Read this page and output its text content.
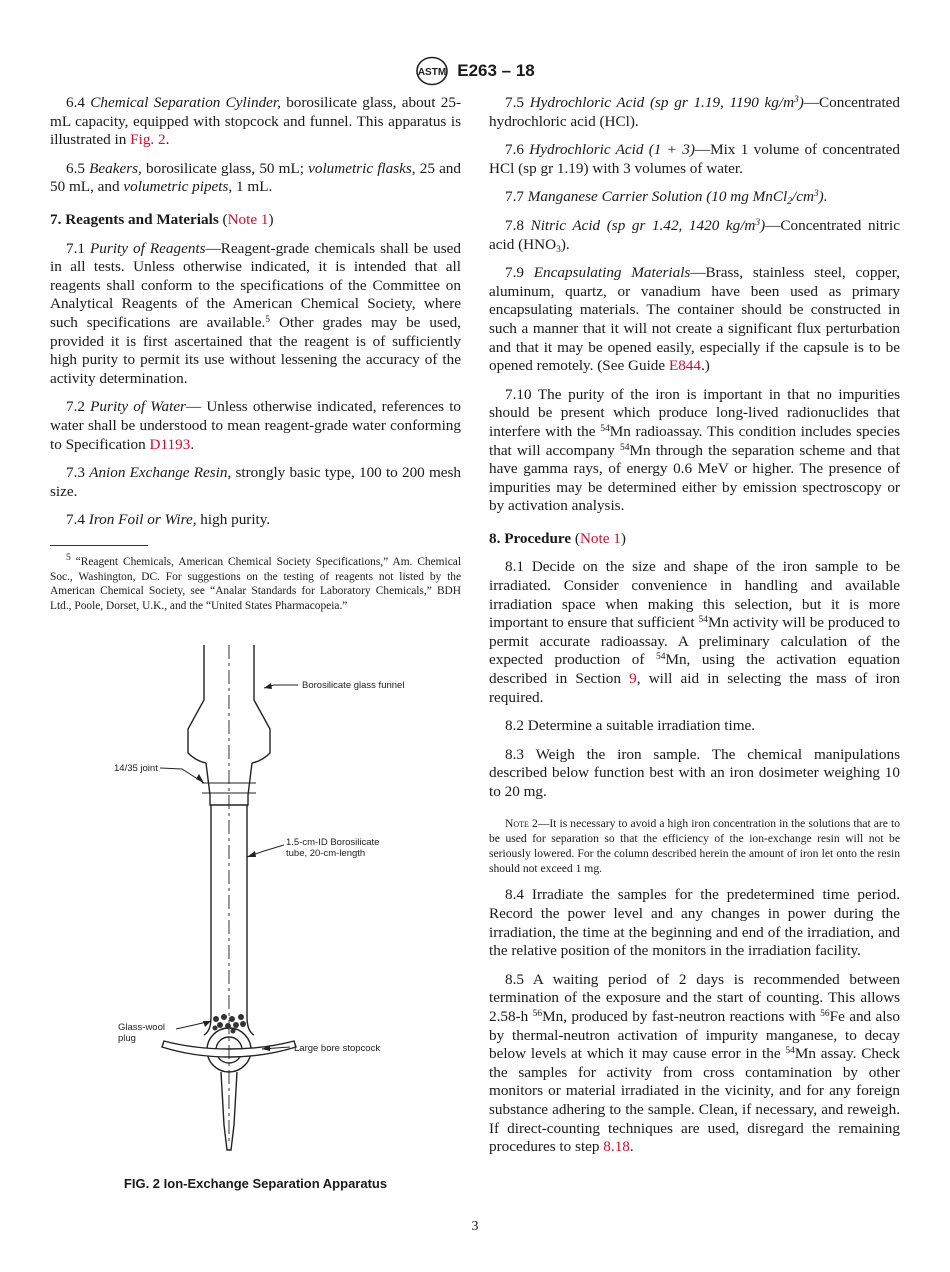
ASTM E263 – 18

6.4 Chemical Separation Cylinder, borosilicate glass, about 25-mL capacity, equipped with stopcock and funnel. This apparatus is illustrated in Fig. 2.

6.5 Beakers, borosilicate glass, 50 mL; volumetric flasks, 25 and 50 mL, and volumetric pipets, 1 mL.

7. Reagents and Materials (Note 1)

7.1 Purity of Reagents—Reagent-grade chemicals shall be used in all tests. Unless otherwise indicated, it is intended that all reagents shall conform to the specifications of the Committee on Analytical Reagents of the American Chemical Society, where such specifications are available.$^5$ Other grades may be used, provided it is first ascertained that the reagent is of sufficiently high purity to permit its use without lessening the accuracy of the activity determination.

7.2 Purity of Water— Unless otherwise indicated, references to water shall be understood to mean reagent-grade water conforming to Specification D1193.

7.3 Anion Exchange Resin, strongly basic type, 100 to 200 mesh size.

7.4 Iron Foil or Wire, high purity.

$^5$ “Reagent Chemicals, American Chemical Society Specifications,” Am. Chemical Soc., Washington, DC. For suggestions on the testing of reagents not listed by the American Chemical Society, see “Analar Standards for Laboratory Chemicals,” BDH Ltd., Poole, Dorset, U.K., and the “United States Pharmacopeia.”
Borosilicate glass funnel
14/35 joint
1.5-cm-ID Borosilicate
tube, 20-cm-length
Glass-wool
plug
Large bore stopcock
FIG. 2 Ion-Exchange Separation Apparatus

7.5 Hydrochloric Acid (sp gr 1.19, 1190 $kg/m^3)—Concentrated$ hydrochloric acid (HCl).

7.6 Hydrochloric Acid (1 + 3)—Mix 1 volume of concentrated HCl (sp gr 1.19) with 3 volumes of water.

7.7 Manganese Carrier Solution (10 mg $MnCl_2/cm^3$).

7.8 Nitric Acid (sp gr 1.42, 1420 $kg/m^3)—Concentrated$ nitric acid $(HNO_3)$.

7.9 Encapsulating Materials—Brass, stainless steel, copper, aluminum, quartz, or vanadium have been used as primary encapsulating materials. The container should be constructed in such a manner that it will not create a significant flux perturbation and that it may be opened easily, especially if the capsule is to be opened remotely. (See Guide E844.)

7.10 The purity of the iron is important in that no impurities should be present which produce long-lived radionuclides that interfere with the $^{54}$Mn radioassay. This condition includes species that will accompany $^{54}$Mn through the separation scheme and that have gamma rays, of energy 0.6 MeV or higher. The presence of impurities may be determined either by emission spectroscopy or by activation analysis.

8. Procedure (Note 1)

8.1 Decide on the size and shape of the iron sample to be irradiated. Consider convenience in handling and available irradiation space when making this selection, but it is more important to ensure that sufficient $^{54}$Mn activity will be produced to permit accurate radioassay. A preliminary calculation of the expected production of $^{54}$Mn, using the activation equation described in Section 9, will aid in selecting the mass of iron required.

8.2 Determine a suitable irradiation time.

8.3 Weigh the iron sample. The chemical manipulations described below function best with an iron dosimeter weighing 10 to 20 mg.

Note 2—It is necessary to avoid a high iron concentration in the solutions that are to be used for separation so that the efficiency of the ion-exchange resin will not be seriously lowered. For the column described herein the amount of iron let onto the resin should not exceed 1 mg.

8.4 Irradiate the samples for the predetermined time period. Record the power level and any changes in power during the irradiation, the time at the beginning and end of the irradiation, and the relative position of the monitors in the irradiation facility.

8.5 A waiting period of 2 days is recommended between termination of the exposure and the start of counting. This allows 2.58-h $^{56}$Mn, produced by fast-neutron reactions with $^{56}$Fe and also by thermal-neutron activation of impurity manganese, to decay below levels at which it may cause error in the $^{54}$Mn assay. Check the samples for activity from cross contamination by other monitors or material irradiated in the vicinity, and for any foreign substance adhering to the sample. Clean, if necessary, and reweigh. If direct-counting techniques are used, disregard the remaining procedures to step 8.18.

3
